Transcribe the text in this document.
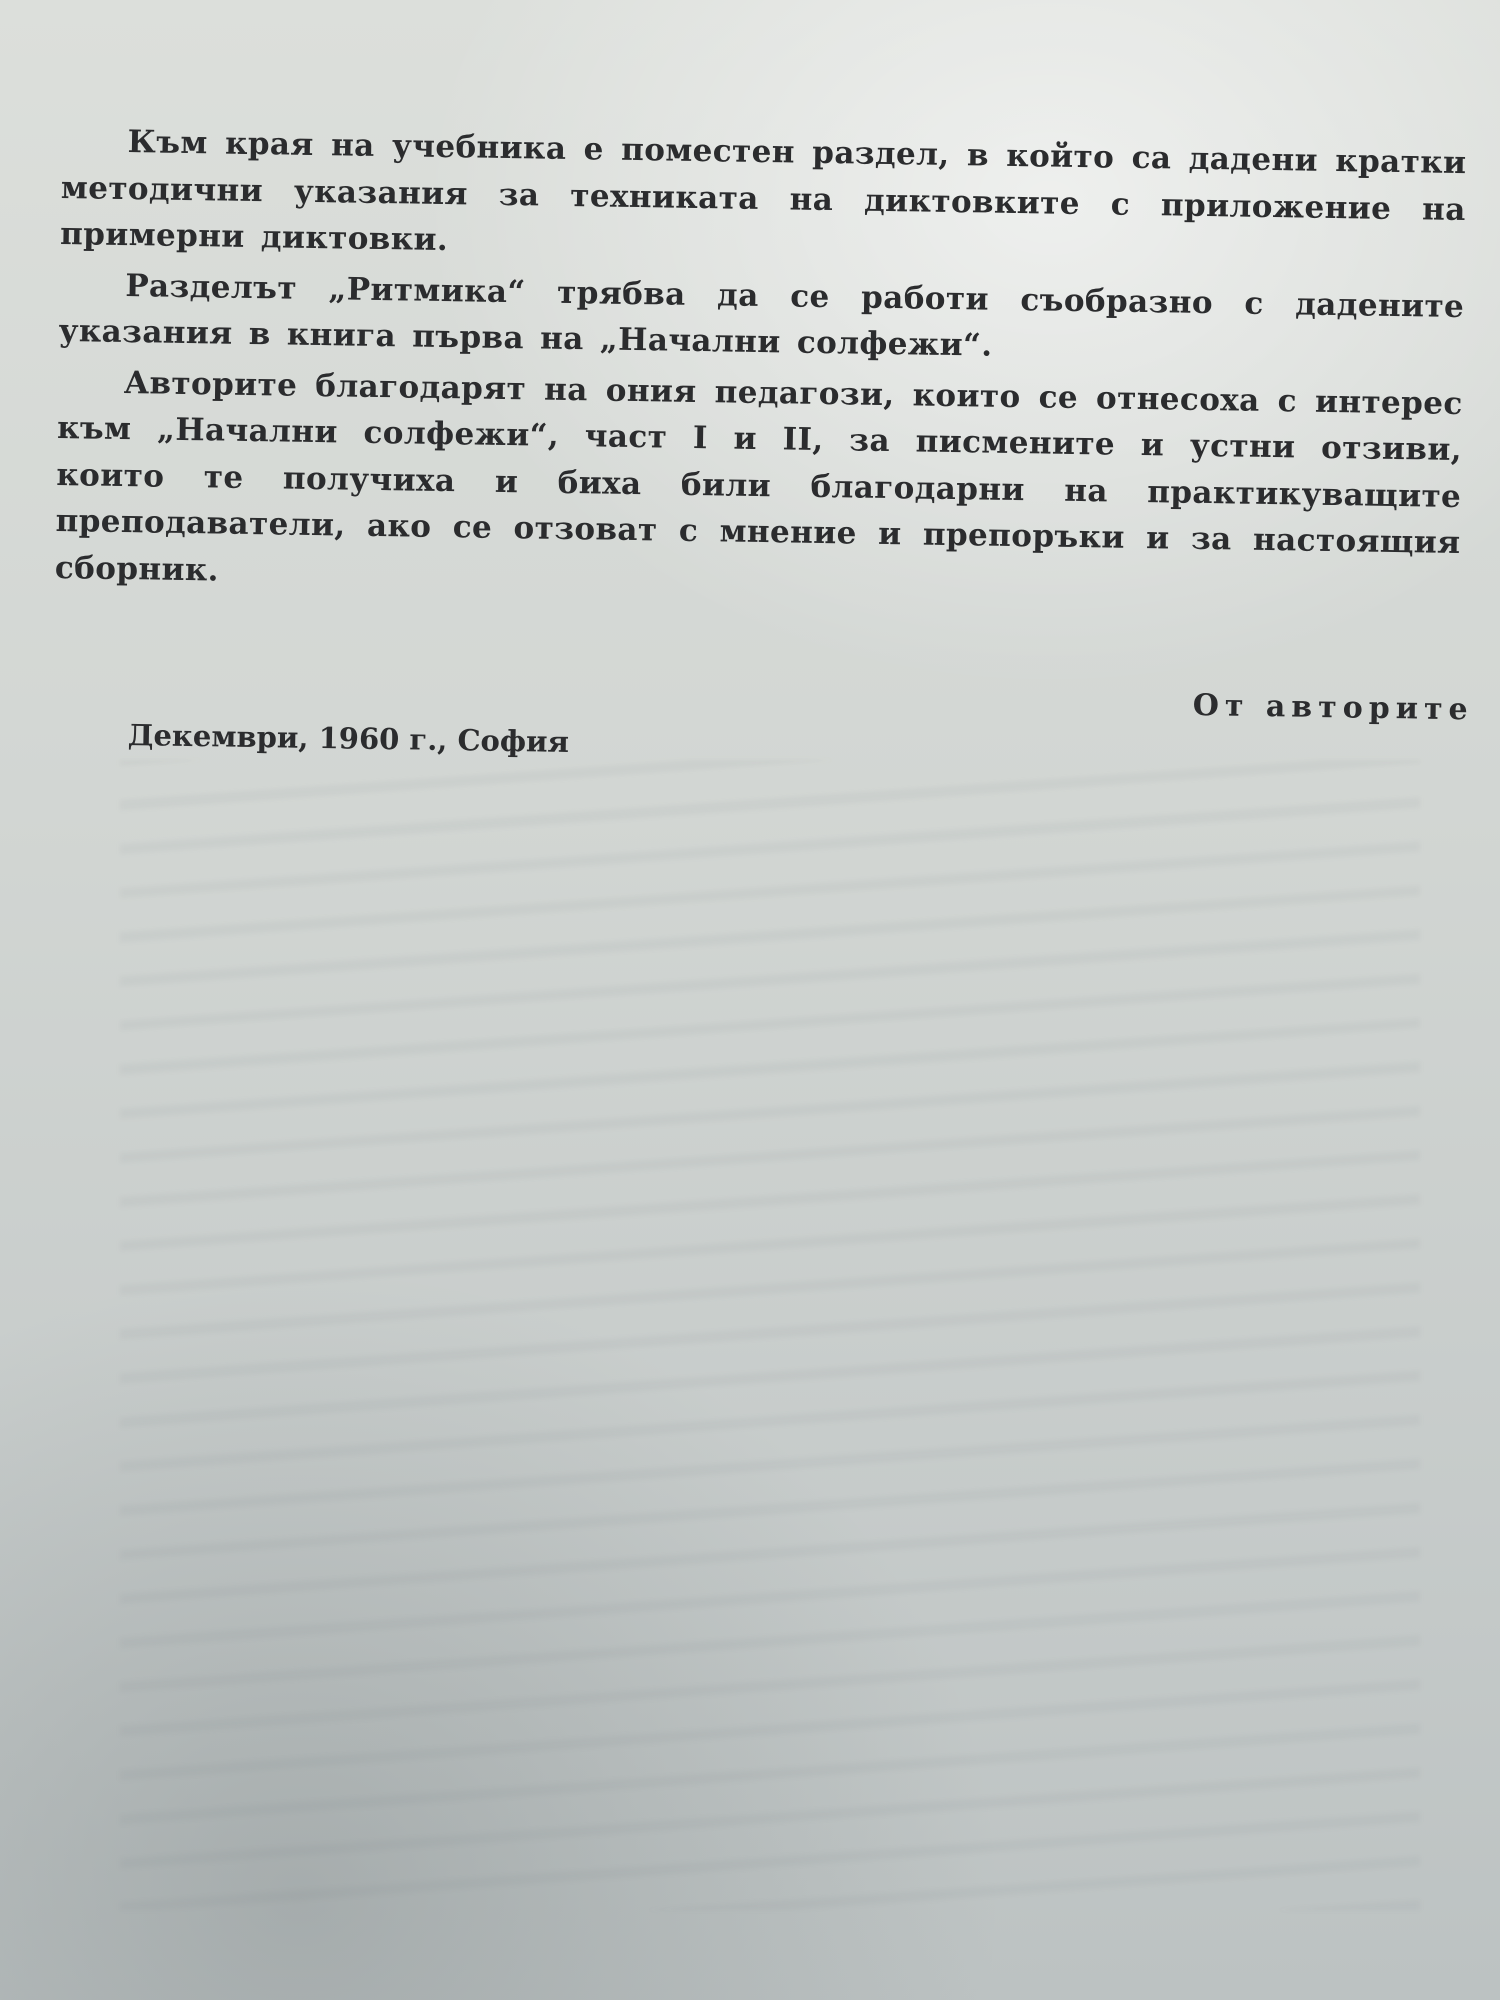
Към края на учебника е поместен раздел, в който са дадени кратки методични указания за техниката на диктовките с приложение на примерни диктовки.

Разделът „Ритмика“ трябва да се работи съобразно с дадените указания в книга първа на „Начални солфежи“.

Авторите благодарят на ония педагози, които се отнесоха с интерес към „Начални солфежи“, част I и II, за писмените и устни отзиви, които те получиха и биха били благодарни на практикуващите преподаватели, ако се отзоват с мнение и препоръки и за настоящия сборник.

От авторите
Декември, 1960 г., София
